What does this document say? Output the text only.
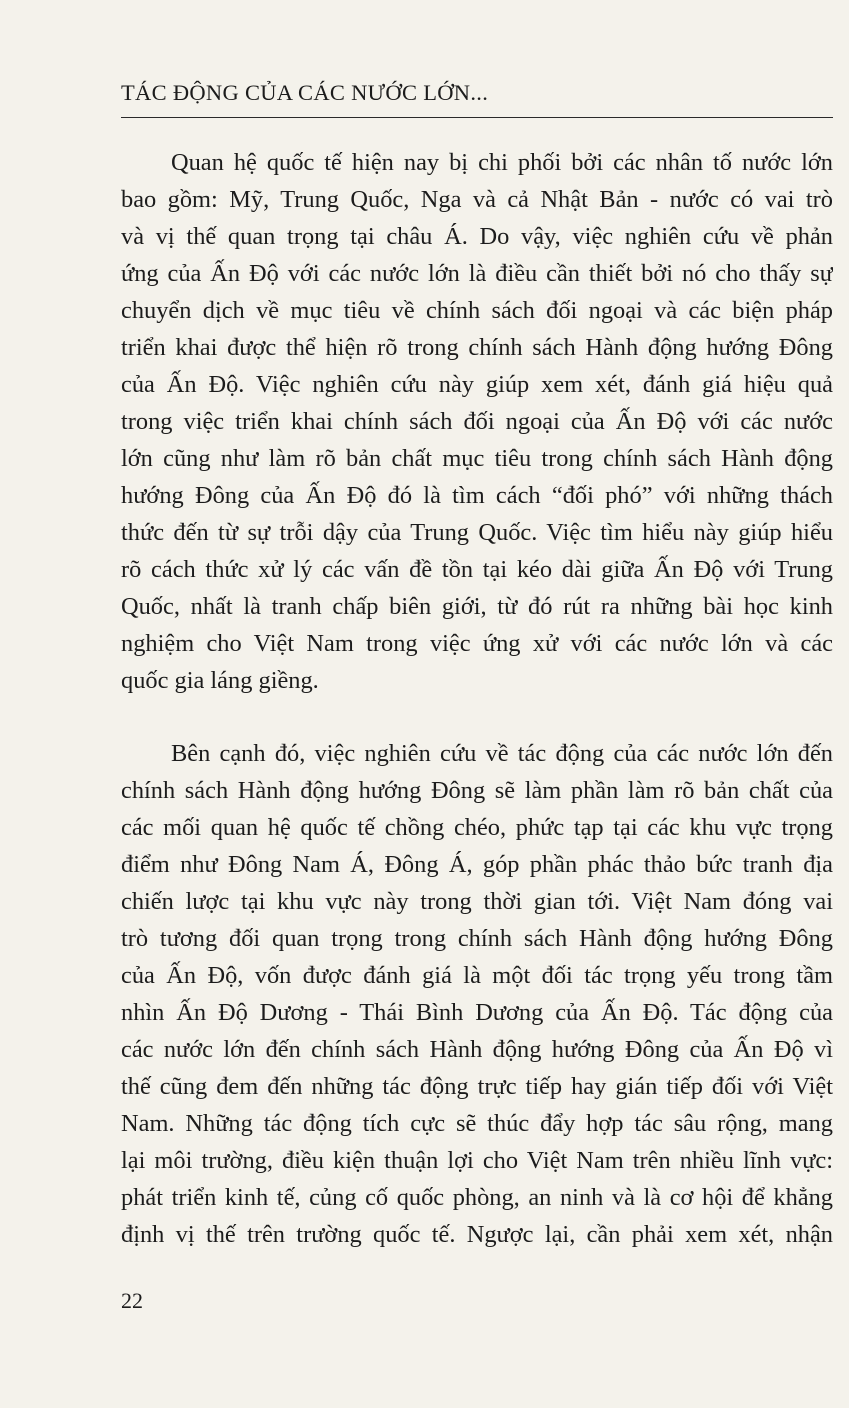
TÁC ĐỘNG CỦA CÁC NƯỚC LỚN...
Quan hệ quốc tế hiện nay bị chi phối bởi các nhân tố nước lớn
bao gồm: Mỹ, Trung Quốc, Nga và cả Nhật Bản - nước có vai trò
và vị thế quan trọng tại châu Á. Do vậy, việc nghiên cứu về phản
ứng của Ấn Độ với các nước lớn là điều cần thiết bởi nó cho thấy sự
chuyển dịch về mục tiêu về chính sách đối ngoại và các biện pháp
triển khai được thể hiện rõ trong chính sách Hành động hướng Đông
của Ấn Độ. Việc nghiên cứu này giúp xem xét, đánh giá hiệu quả
trong việc triển khai chính sách đối ngoại của Ấn Độ với các nước
lớn cũng như làm rõ bản chất mục tiêu trong chính sách Hành động
hướng Đông của Ấn Độ đó là tìm cách “đối phó” với những thách
thức đến từ sự trỗi dậy của Trung Quốc. Việc tìm hiểu này giúp hiểu
rõ cách thức xử lý các vấn đề tồn tại kéo dài giữa Ấn Độ với Trung
Quốc, nhất là tranh chấp biên giới, từ đó rút ra những bài học kinh
nghiệm cho Việt Nam trong việc ứng xử với các nước lớn và các
quốc gia láng giềng.
Bên cạnh đó, việc nghiên cứu về tác động của các nước lớn đến
chính sách Hành động hướng Đông sẽ làm phần làm rõ bản chất của
các mối quan hệ quốc tế chồng chéo, phức tạp tại các khu vực trọng
điểm như Đông Nam Á, Đông Á, góp phần phác thảo bức tranh địa
chiến lược tại khu vực này trong thời gian tới. Việt Nam đóng vai
trò tương đối quan trọng trong chính sách Hành động hướng Đông
của Ấn Độ, vốn được đánh giá là một đối tác trọng yếu trong tầm
nhìn Ấn Độ Dương - Thái Bình Dương của Ấn Độ. Tác động của
các nước lớn đến chính sách Hành động hướng Đông của Ấn Độ vì
thế cũng đem đến những tác động trực tiếp hay gián tiếp đối với Việt
Nam. Những tác động tích cực sẽ thúc đẩy hợp tác sâu rộng, mang
lại môi trường, điều kiện thuận lợi cho Việt Nam trên nhiều lĩnh vực:
phát triển kinh tế, củng cố quốc phòng, an ninh và là cơ hội để khẳng
định vị thế trên trường quốc tế. Ngược lại, cần phải xem xét, nhận
22
